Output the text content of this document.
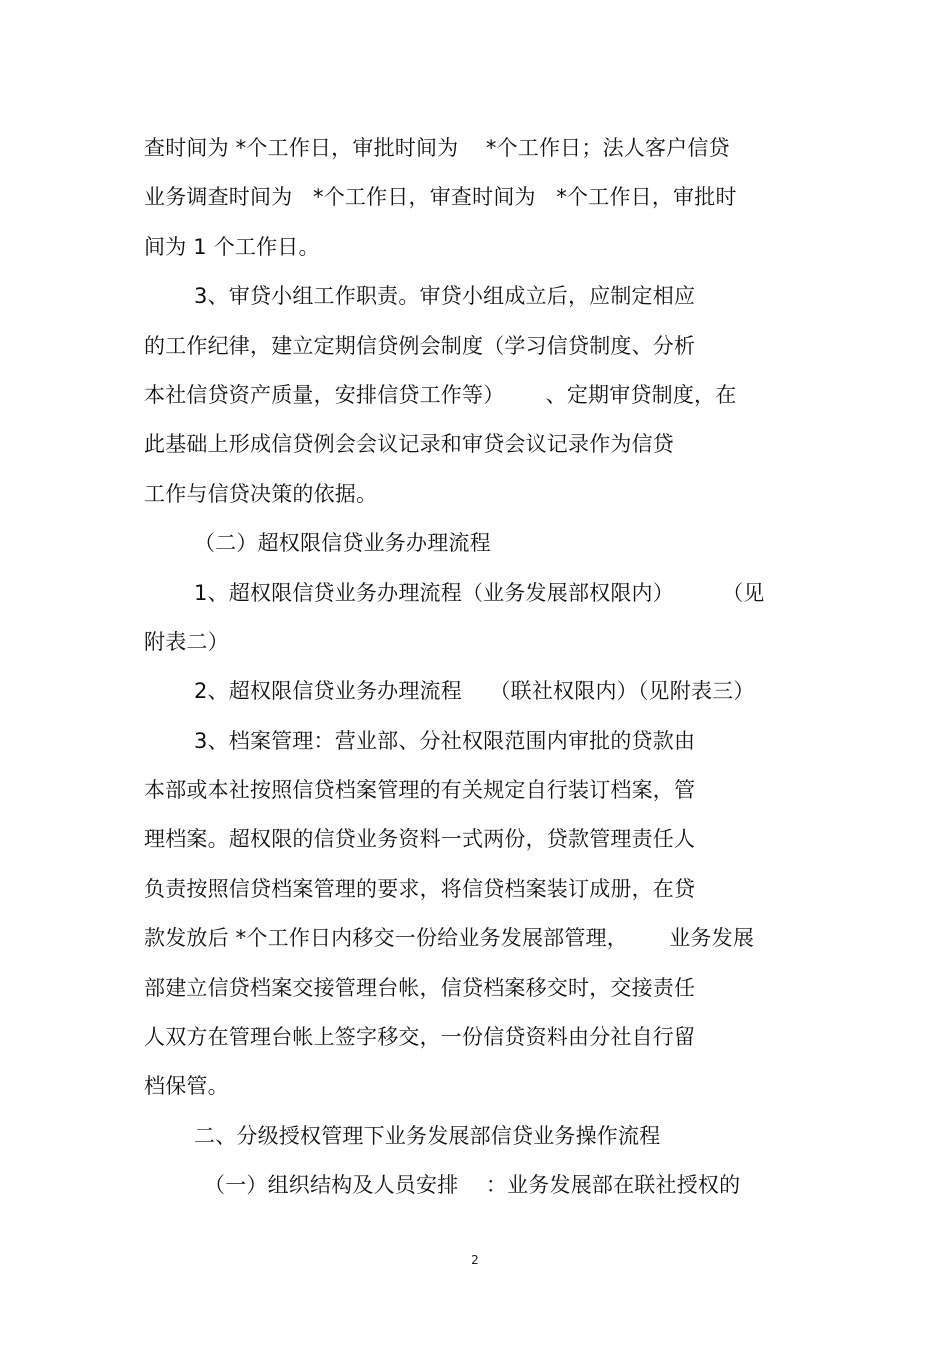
查时间为 *个工作日，审批时间为    *个工作日；法人客户信贷
业务调查时间为   *个工作日，审查时间为   *个工作日，审批时
间为 1 个工作日。
3、审贷小组工作职责。审贷小组成立后，应制定相应
的工作纪律，建立定期信贷例会制度（学习信贷制度、分析
本社信贷资产质量，安排信贷工作等）      、定期审贷制度，在
此基础上形成信贷例会会议记录和审贷会议记录作为信贷
工作与信贷决策的依据。
（二）超权限信贷业务办理流程
1、超权限信贷业务办理流程（业务发展部权限内）       （见
附表二）
2、超权限信贷业务办理流程    （联社权限内）（见附表三）
3、档案管理：营业部、分社权限范围内审批的贷款由
本部或本社按照信贷档案管理的有关规定自行装订档案，管
理档案。超权限的信贷业务资料一式两份，贷款管理责任人
负责按照信贷档案管理的要求，将信贷档案装订成册，在贷
款发放后 *个工作日内移交一份给业务发展部管理，      业务发展
部建立信贷档案交接管理台帐，信贷档案移交时，交接责任
人双方在管理台帐上签字移交，一份信贷资料由分社自行留
档保管。
二、分级授权管理下业务发展部信贷业务操作流程
（一）组织结构及人员安排    ：业务发展部在联社授权的
2
